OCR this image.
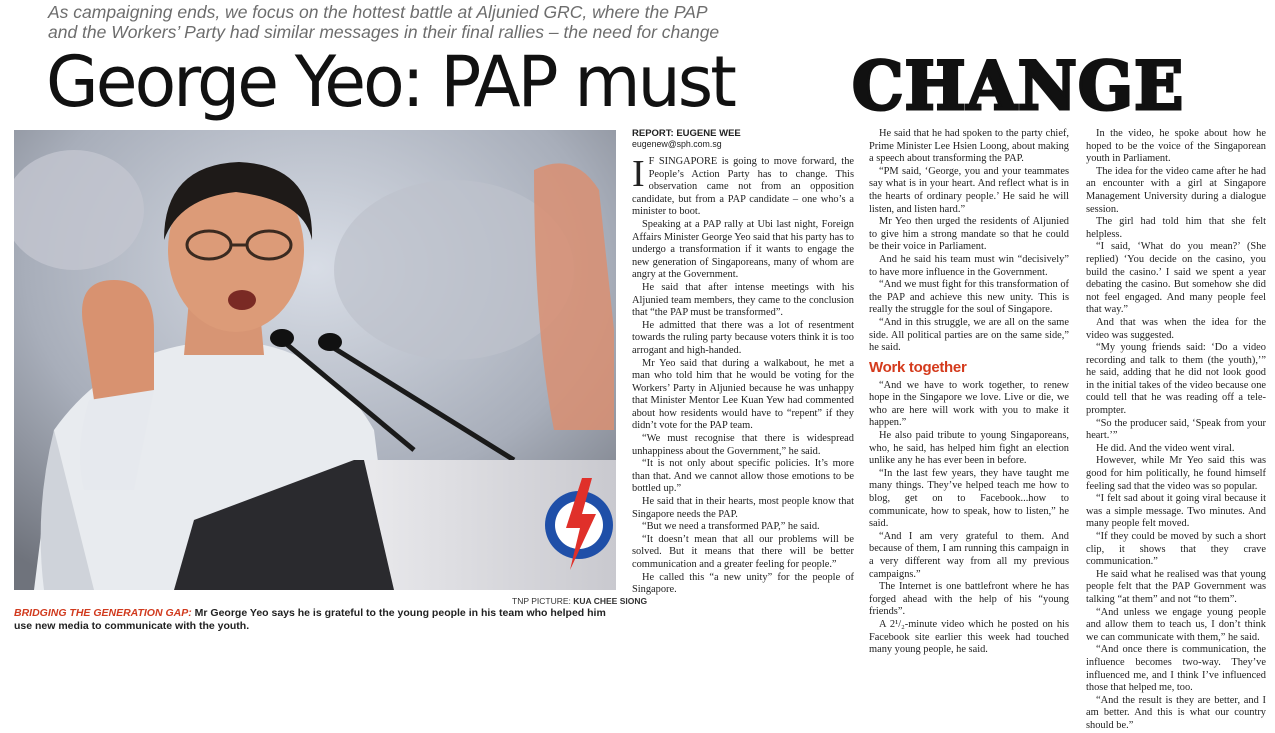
As campaigning ends, we focus on the hottest battle at Aljunied GRC, where the PAP
and the Workers’ Party had similar messages in their final rallies – the need for change
George Yeo: PAP must CHANGE
TNP PICTURE: KUA CHEE SIONG
BRIDGING THE GENERATION GAP: Mr George Yeo says he is grateful to the young people in his team who helped him use new media to communicate with the youth.
REPORT: EUGENE WEE
eugenew@sph.com.sg

I F SINGAPORE is going to move forward, the People’s Action Party has to change. This observation came not from an opposition candidate, but from a PAP candidate – one who’s a minister to boot.

Speaking at a PAP rally at Ubi last night, Foreign Affairs Minister George Yeo said that his party has to undergo a transformation if it wants to engage the new generation of Singaporeans, many of whom are angry at the Government.

He said that after intense meetings with his Aljunied team members, they came to the conclusion that “the PAP must be transformed”.

He admitted that there was a lot of resentment towards the ruling party because voters think it is too arrogant and high-handed.

Mr Yeo said that during a walkabout, he met a man who told him that he would be voting for the Workers’ Party in Aljunied because he was unhappy that Minister Mentor Lee Kuan Yew had commented about how residents would have to “repent” if they didn’t vote for the PAP team.

“We must recognise that there is widespread unhappiness about the Government,” he said.

“It is not only about specific policies. It’s more than that. And we cannot allow those emotions to be bottled up.”

He said that in their hearts, most people know that Singapore needs the PAP.

“But we need a transformed PAP,” he said.

“It doesn’t mean that all our problems will be solved. But it means that there will be better communication and a greater feeling for people.”

He called this “a new unity” for the people of Singapore.

He said that he had spoken to the party chief, Prime Minister Lee Hsien Loong, about making a speech about transforming the PAP.

“PM said, ‘George, you and your teammates say what is in your heart. And reflect what is in the hearts of ordinary people.’ He said he will listen, and listen hard.”

Mr Yeo then urged the residents of Aljunied to give him a strong mandate so that he could be their voice in Parliament.

And he said his team must win “decisively” to have more influence in the Government.

“And we must fight for this transformation of the PAP and achieve this new unity. This is really the struggle for the soul of Singapore.

“And in this struggle, we are all on the same side. All political parties are on the same side,” he said.

Work together

“And we have to work together, to renew hope in the Singapore we love. Live or die, we who are here will work with you to make it happen.”

He also paid tribute to young Singaporeans, who, he said, has helped him fight an election unlike any he has ever been in before.

“In the last few years, they have taught me many things. They’ve helped teach me how to blog, get on to Facebook...how to communicate, how to speak, how to listen,” he said.

“And I am very grateful to them. And because of them, I am running this campaign in a very different way from all my previous campaigns.”

The Internet is one battlefront where he has forged ahead with the help of his “young friends”.

A 2¹/₂-minute video which he posted on his Facebook site earlier this week had touched many young people, he said.

In the video, he spoke about how he hoped to be the voice of the Singaporean youth in Parliament.

The idea for the video came after he had an encounter with a girl at Singapore Management University during a dialogue session.

The girl had told him that she felt helpless.

“I said, ‘What do you mean?’ (She replied) ‘You decide on the casino, you build the casino.’ I said we spent a year debating the casino. But somehow she did not feel engaged. And many people feel that way.”

And that was when the idea for the video was suggested.

“My young friends said: ‘Do a video recording and talk to them (the youth),’” he said, adding that he did not look good in the initial takes of the video because one could tell that he was reading off a tele-prompter.

“So the producer said, ‘Speak from your heart.’”

He did. And the video went viral.

However, while Mr Yeo said this was good for him politically, he found himself feeling sad that the video was so popular.

“I felt sad about it going viral because it was a simple message. Two minutes. And many people felt moved.

“If they could be moved by such a short clip, it shows that they crave communication.”

He said what he realised was that young people felt that the PAP Government was talking “at them” and not “to them”.

“And unless we engage young people and allow them to teach us, I don’t think we can communicate with them,” he said.

“And once there is communication, the influence becomes two-way. They’ve influenced me, and I think I’ve influenced those that helped me, too.

“And the result is they are better, and I am better. And this is what our country should be.”
